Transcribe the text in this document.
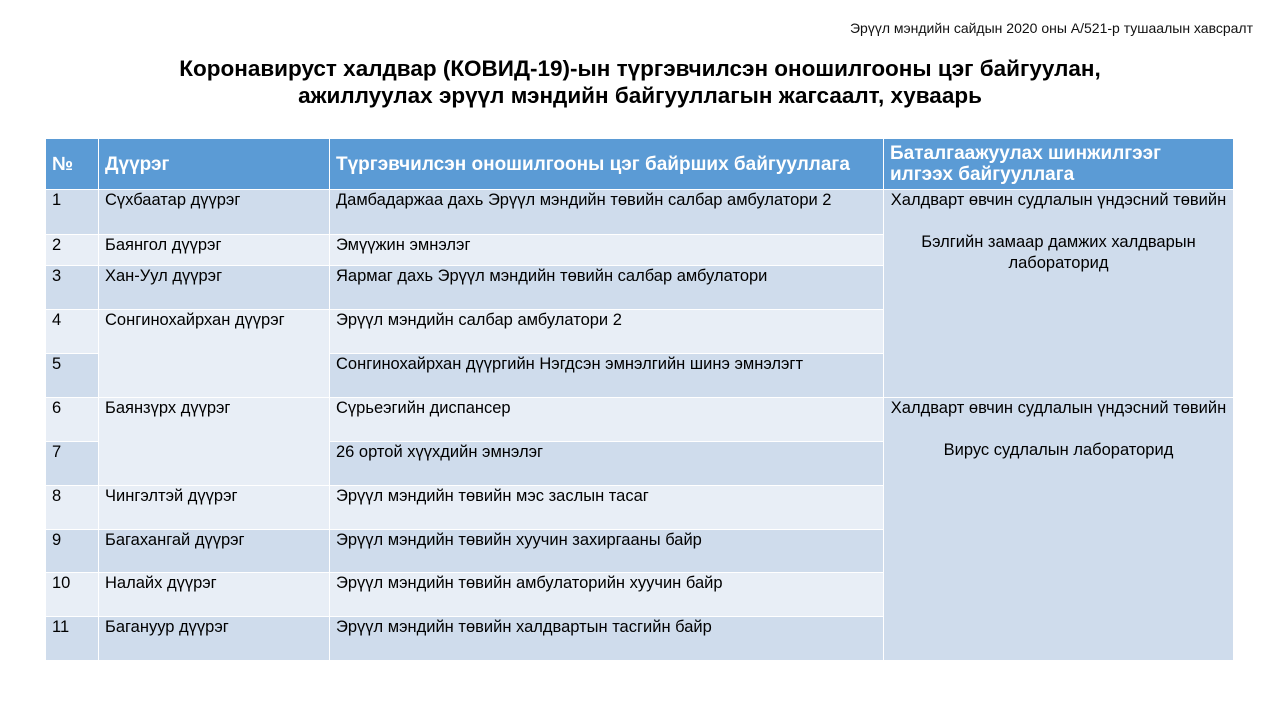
Эрүүл мэндийн сайдын 2020 оны А/521-р тушаалын хавсралт
Коронавируст халдвар (КОВИД-19)-ын түргэвчилсэн оношилгооны цэг байгуулан,
ажиллуулах эрүүл мэндийн байгууллагын жагсаалт, хуваарь
№	Дүүрэг	Түргэвчилсэн оношилгооны цэг байрших байгууллага	Баталгаажуулах шинжилгээг илгээх байгууллага
1	Сүхбаатар дүүрэг	Дамбадаржаа дахь Эрүүл мэндийн төвийн салбар амбулатори 2	Халдварт өвчин судлалын үндэсний төвийн
Бэлгийн замаар дамжих халдварын лабораторид

2	Баянгол дүүрэг	Эмүүжин эмнэлэг	
3	Хан-Уул дүүрэг	Яармаг дахь Эрүүл мэндийн төвийн салбар амбулатори	
4	Сонгинохайрхан дүүрэг	Эрүүл мэндийн салбар амбулатори 2	
5		Сонгинохайрхан дүүргийн Нэгдсэн эмнэлгийн шинэ эмнэлэгт	
6	Баянзүрх дүүрэг	Сүрьеэгийн диспансер	Халдварт өвчин судлалын үндэсний төвийн
Вирус судлалын лабораторид

7		26 ортой хүүхдийн эмнэлэг	
8	Чингэлтэй дүүрэг	Эрүүл мэндийн төвийн мэс заслын тасаг	
9	Багахангай дүүрэг	Эрүүл мэндийн төвийн хуучин захиргааны байр	
10	Налайх дүүрэг	Эрүүл мэндийн төвийн амбулаторийн хуучин байр	
11	Багануур дүүрэг	Эрүүл мэндийн төвийн халдвартын тасгийн байр	
